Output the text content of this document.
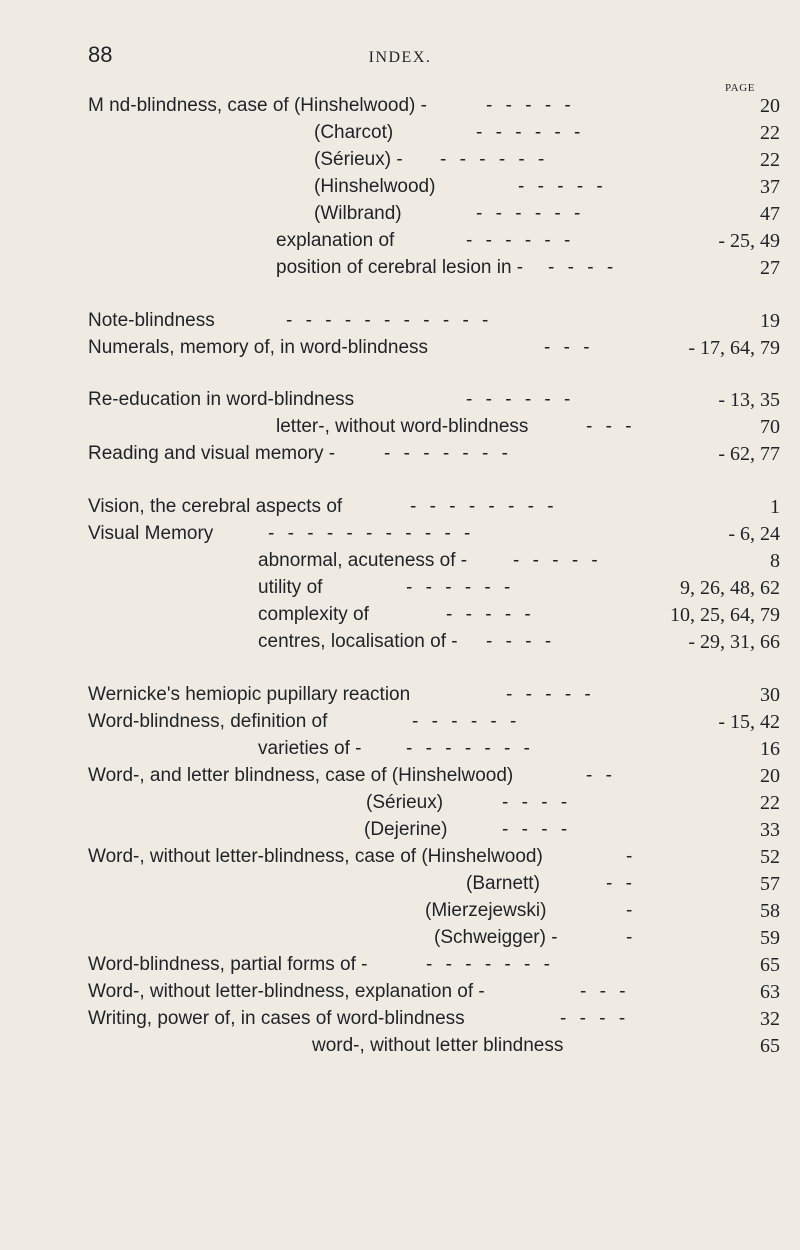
88	INDEX.
PAGE
M nd-blindness, case of (Hinshelwood) -	- - - - -	20
(Charcot)	- - - - - -	22
(Sérieux) - - - - - - -	22
(Hinshelwood)	- - - - -	37
(Wilbrand)	- - - - - -	47
explanation of	- - - - - -	- 25, 49
position of cerebral lesion in - - - - -	27
Note-blindness	- - - - - - - - - - -	19
Numerals, memory of, in word-blindness	- - -	- 17, 64, 79
Re-education in word-blindness	- - - - - -	- 13, 35
letter-, without word-blindness	- - -	70
Reading and visual memory -	- - - - - - -	- 62, 77
Vision, the cerebral aspects of	- - - - - - - -	1
Visual Memory	- - - - - - - - - - -	- 6, 24
abnormal, acuteness of - - - - - -	8
utility of	- - - - - -	9, 26, 48, 62
complexity of	- - - - -	10, 25, 64, 79
centres, localisation of - - - - -	- 29, 31, 66
Wernicke's hemiopic pupillary reaction	- - - - -	30
Word-blindness, definition of	- - - - - -	- 15, 42
varieties of - - - - - - - -	16
Word-, and letter blindness, case of (Hinshelwood)	- -	20
(Sérieux)	- - - -	22
(Dejerine)	- - - -	33
Word-, without letter-blindness, case of (Hinshelwood)	-	52
(Barnett)	- -	57
(Mierzejewski)	-	58
(Schweigger) -	-	59
Word-blindness, partial forms of -	- - - - - - -	65
Word-, without letter-blindness, explanation of -	- - -	63
Writing, power of, in cases of word-blindness	- - - -	32
word-, without letter blindness	65
